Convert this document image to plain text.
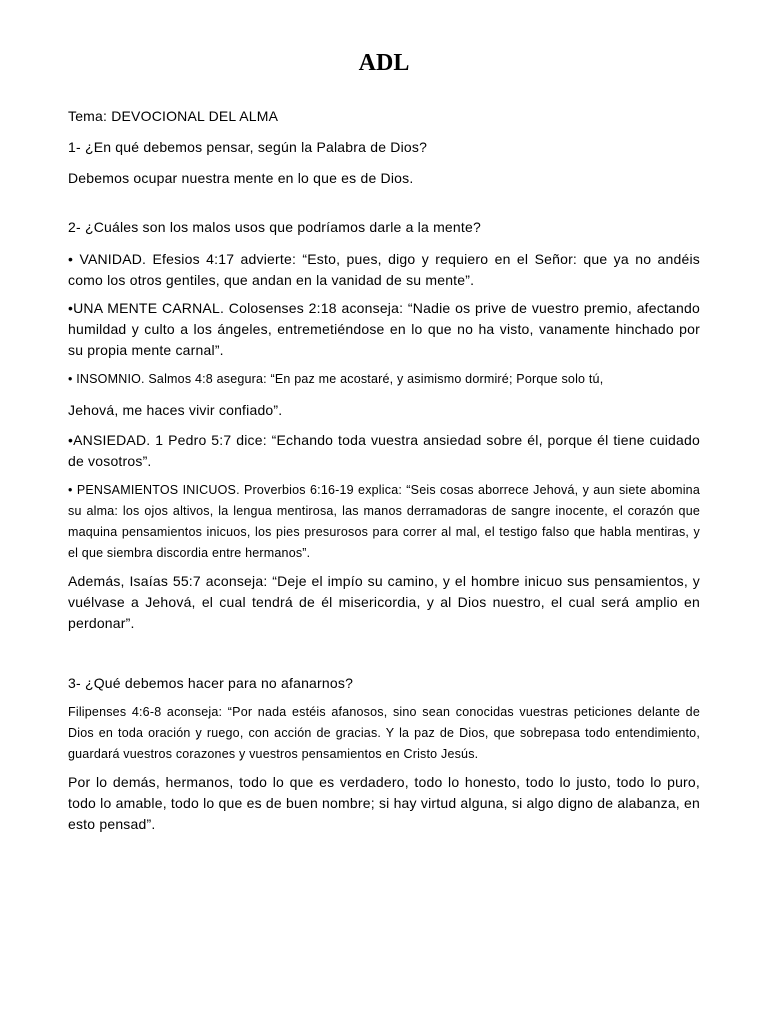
ADL

Tema: DEVOCIONAL DEL ALMA

1- ¿En qué debemos pensar, según la Palabra de Dios?

Debemos ocupar nuestra mente en lo que es de Dios.

2- ¿Cuáles son los malos usos que podríamos darle a la mente?

• VANIDAD. Efesios 4:17 advierte: “Esto, pues, digo y requiero en el Señor: que ya no andéis como los otros gentiles, que andan en la vanidad de su mente”.

•UNA MENTE CARNAL. Colosenses 2:18 aconseja: “Nadie os prive de vuestro premio, afectando humildad y culto a los ángeles, entremetiéndose en lo que no ha visto, vanamente hinchado por su propia mente carnal”.

• INSOMNIO. Salmos 4:8 asegura: “En paz me acostaré, y asimismo dormiré; Porque solo tú,

Jehová, me haces vivir confiado”.

•ANSIEDAD. 1 Pedro 5:7 dice: “Echando toda vuestra ansiedad sobre él, porque él tiene cuidado de vosotros”.

• PENSAMIENTOS INICUOS. Proverbios 6:16-19 explica: “Seis cosas aborrece Jehová, y aun siete abomina su alma: los ojos altivos, la lengua mentirosa, las manos derramadoras de sangre inocente, el corazón que maquina pensamientos inicuos, los pies presurosos para correr al mal, el testigo falso que habla mentiras, y el que siembra discordia entre hermanos”.

Además, Isaías 55:7 aconseja: “Deje el impío su camino, y el hombre inicuo sus pensamientos, y vuélvase a Jehová, el cual tendrá de él misericordia, y al Dios nuestro, el cual será amplio en perdonar”.

3- ¿Qué debemos hacer para no afanarnos?

Filipenses 4:6-8 aconseja: “Por nada estéis afanosos, sino sean conocidas vuestras peticiones delante de Dios en toda oración y ruego, con acción de gracias. Y la paz de Dios, que sobrepasa todo entendimiento, guardará vuestros corazones y vuestros pensamientos en Cristo Jesús.

Por lo demás, hermanos, todo lo que es verdadero, todo lo honesto, todo lo justo, todo lo puro, todo lo amable, todo lo que es de buen nombre; si hay virtud alguna, si algo digno de alabanza, en esto pensad”.
